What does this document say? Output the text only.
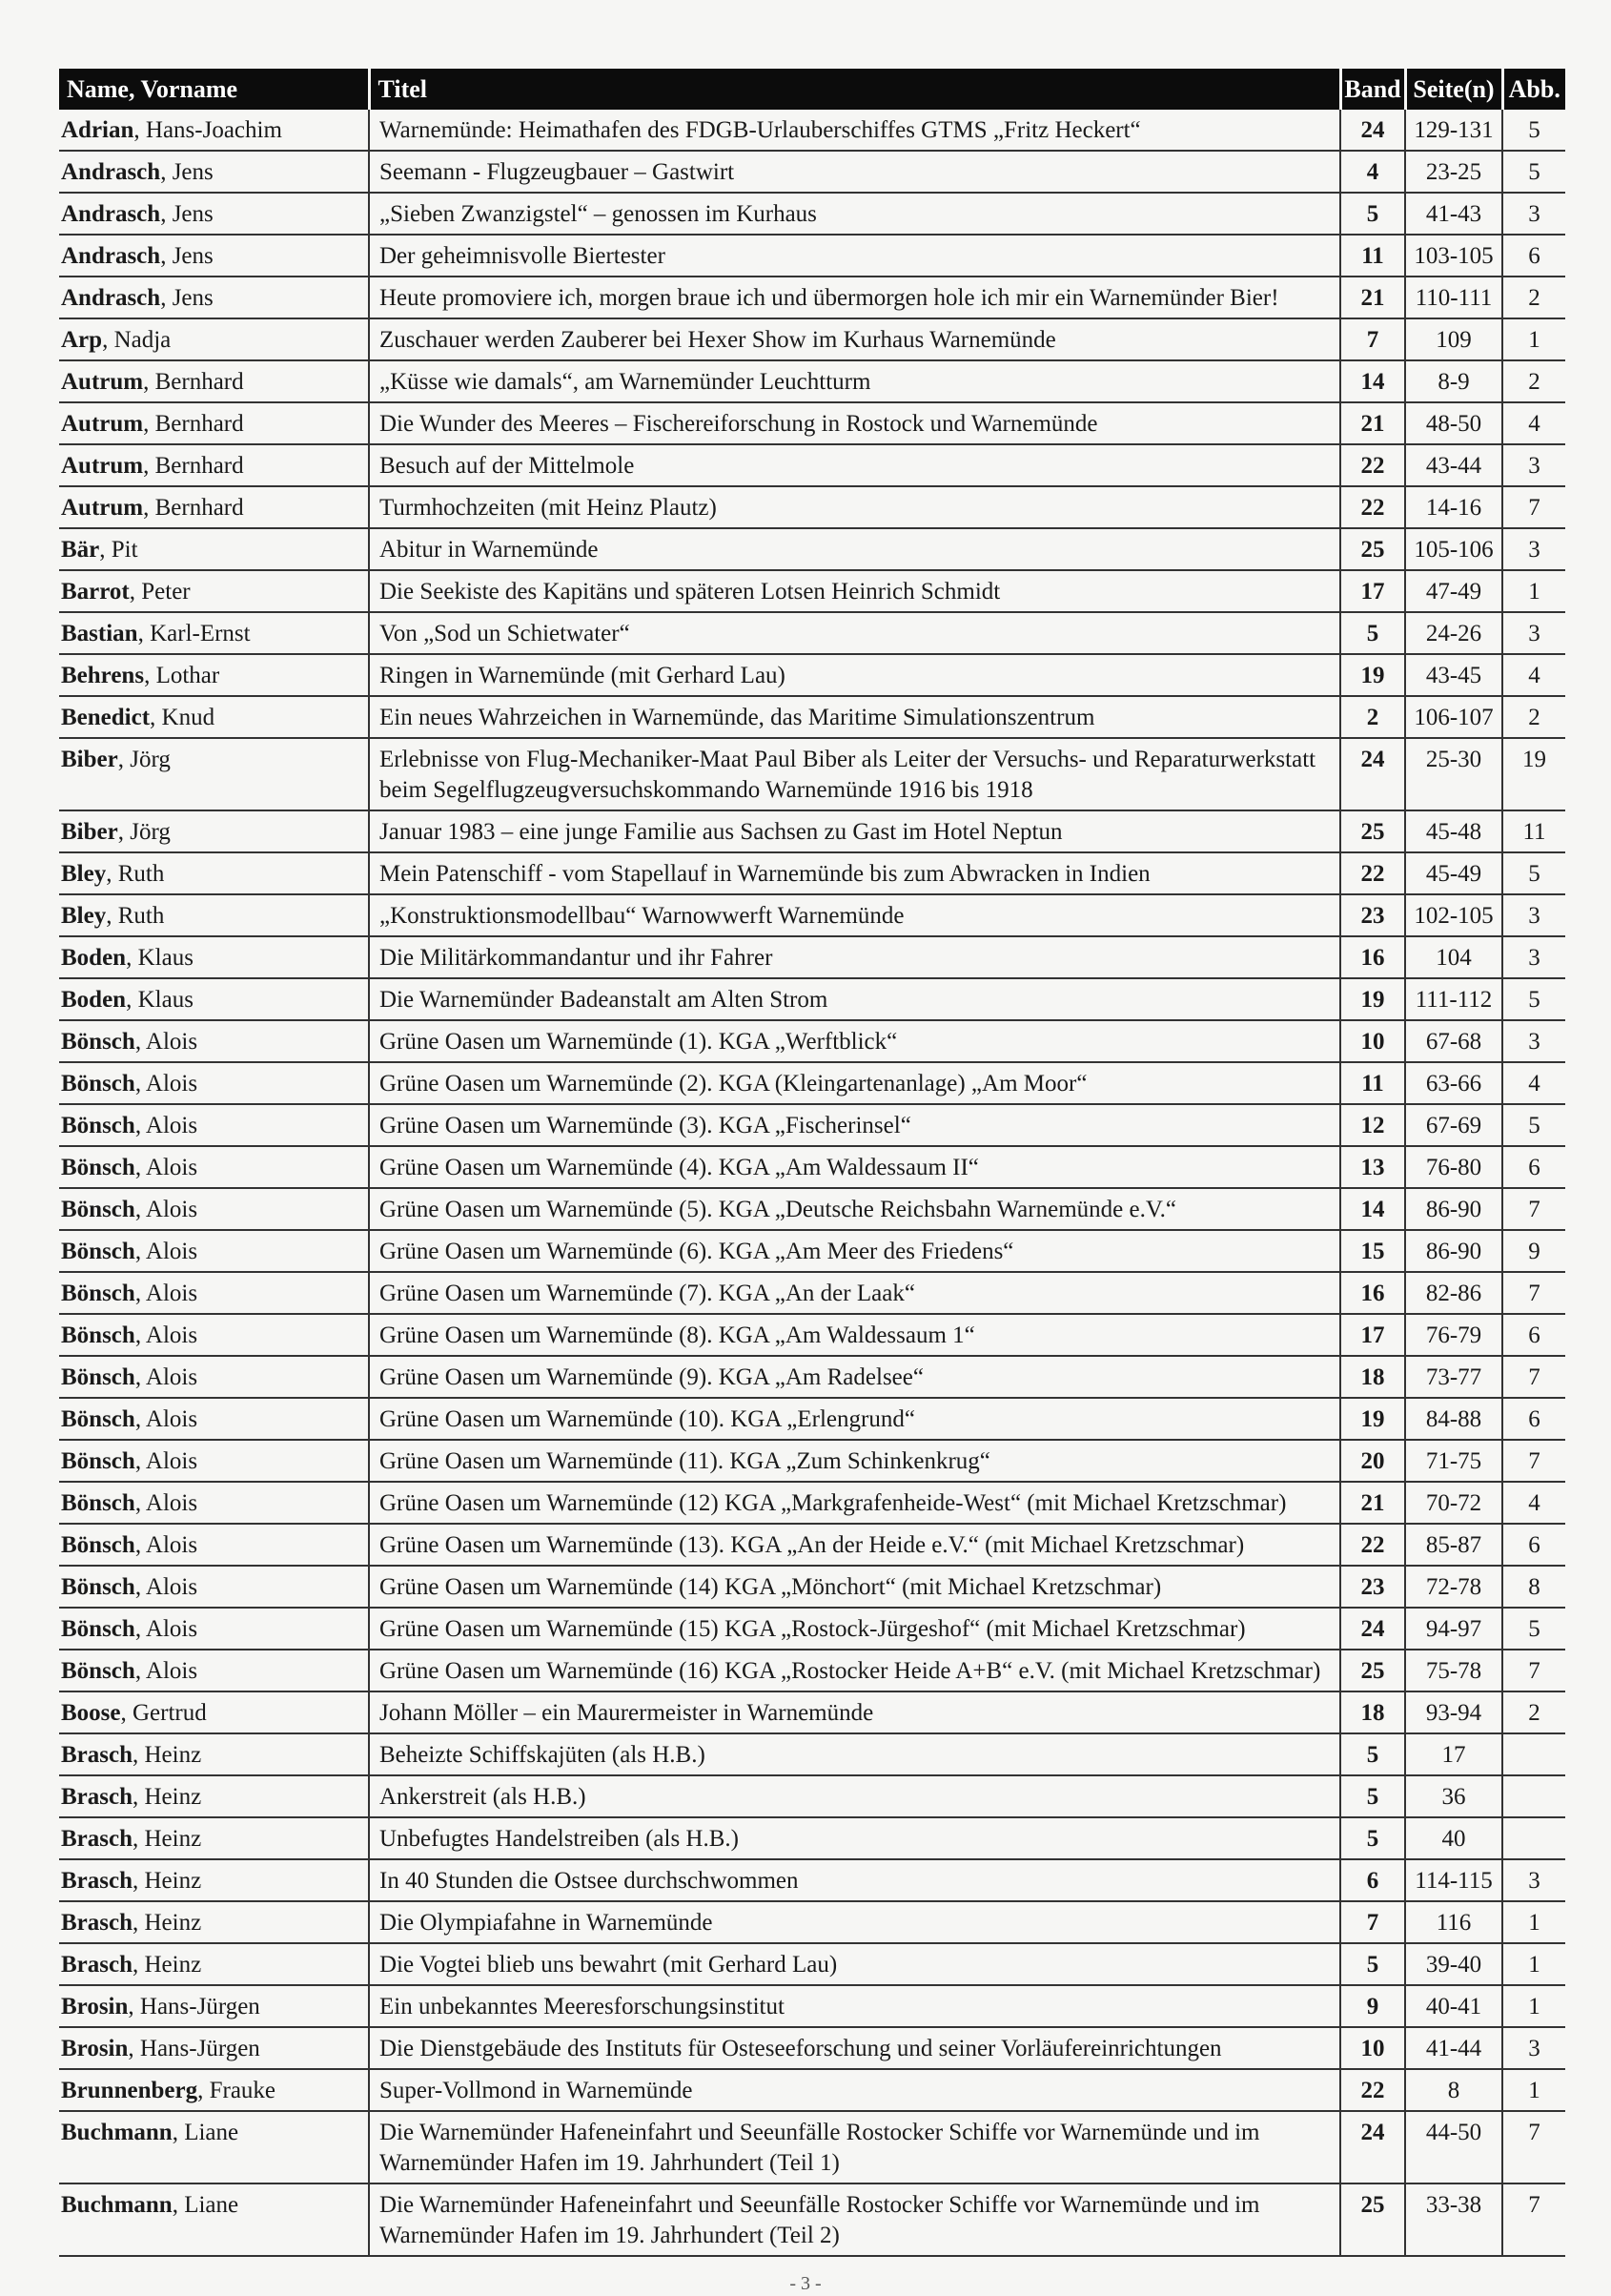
Name, Vorname	Titel	Band	Seite(n)	Abb.
Adrian, Hans-Joachim	Warnemünde: Heimathafen des FDGB-Urlauberschiffes GTMS „Fritz Heckert“	24	129-131	5
Andrasch, Jens	Seemann - Flugzeugbauer – Gastwirt	4	23-25	5
Andrasch, Jens	„Sieben Zwanzigstel“ – genossen im Kurhaus	5	41-43	3
Andrasch, Jens	Der geheimnisvolle Biertester	11	103-105	6
Andrasch, Jens	Heute promoviere ich, morgen braue ich und übermorgen hole ich mir ein Warnemünder Bier!	21	110-111	2
Arp, Nadja	Zuschauer werden Zauberer bei Hexer Show im Kurhaus Warnemünde	7	109	1
Autrum, Bernhard	„Küsse wie damals“, am Warnemünder Leuchtturm	14	8-9	2
Autrum, Bernhard	Die Wunder des Meeres – Fischereiforschung in Rostock und Warnemünde	21	48-50	4
Autrum, Bernhard	Besuch auf der Mittelmole	22	43-44	3
Autrum, Bernhard	Turmhochzeiten (mit Heinz Plautz)	22	14-16	7
Bär, Pit	Abitur in Warnemünde	25	105-106	3
Barrot, Peter	Die Seekiste des Kapitäns und späteren Lotsen Heinrich Schmidt	17	47-49	1
Bastian, Karl-Ernst	Von „Sod un Schietwater“	5	24-26	3
Behrens, Lothar	Ringen in Warnemünde (mit Gerhard Lau)	19	43-45	4
Benedict, Knud	Ein neues Wahrzeichen in Warnemünde, das Maritime Simulationszentrum	2	106-107	2
Biber, Jörg	Erlebnisse von Flug-Mechaniker-Maat Paul Biber als Leiter der Versuchs- und Reparaturwerkstatt beim Segelflugzeugversuchskommando Warnemünde 1916 bis 1918	24	25-30	19
Biber, Jörg	Januar 1983 – eine junge Familie aus Sachsen zu Gast im Hotel Neptun	25	45-48	11
Bley, Ruth	Mein Patenschiff - vom Stapellauf in Warnemünde bis zum Abwracken in Indien	22	45-49	5
Bley, Ruth	„Konstruktionsmodellbau“ Warnowwerft Warnemünde	23	102-105	3
Boden, Klaus	Die Militärkommandantur und ihr Fahrer	16	104	3
Boden, Klaus	Die Warnemünder Badeanstalt am Alten Strom	19	111-112	5
Bönsch, Alois	Grüne Oasen um Warnemünde (1). KGA „Werftblick“	10	67-68	3
Bönsch, Alois	Grüne Oasen um Warnemünde (2). KGA (Kleingartenanlage) „Am Moor“	11	63-66	4
Bönsch, Alois	Grüne Oasen um Warnemünde (3). KGA „Fischerinsel“	12	67-69	5
Bönsch, Alois	Grüne Oasen um Warnemünde (4). KGA „Am Waldessaum II“	13	76-80	6
Bönsch, Alois	Grüne Oasen um Warnemünde (5). KGA „Deutsche Reichsbahn Warnemünde e.V.“	14	86-90	7
Bönsch, Alois	Grüne Oasen um Warnemünde (6). KGA „Am Meer des Friedens“	15	86-90	9
Bönsch, Alois	Grüne Oasen um Warnemünde (7). KGA „An der Laak“	16	82-86	7
Bönsch, Alois	Grüne Oasen um Warnemünde (8). KGA „Am Waldessaum 1“	17	76-79	6
Bönsch, Alois	Grüne Oasen um Warnemünde (9). KGA „Am Radelsee“	18	73-77	7
Bönsch, Alois	Grüne Oasen um Warnemünde (10). KGA „Erlengrund“	19	84-88	6
Bönsch, Alois	Grüne Oasen um Warnemünde (11). KGA „Zum Schinkenkrug“	20	71-75	7
Bönsch, Alois	Grüne Oasen um Warnemünde (12) KGA „Markgrafenheide-West“ (mit Michael Kretzschmar)	21	70-72	4
Bönsch, Alois	Grüne Oasen um Warnemünde (13). KGA „An der Heide e.V.“ (mit Michael Kretzschmar)	22	85-87	6
Bönsch, Alois	Grüne Oasen um Warnemünde (14) KGA „Mönchort“ (mit Michael Kretzschmar)	23	72-78	8
Bönsch, Alois	Grüne Oasen um Warnemünde (15) KGA „Rostock-Jürgeshof“ (mit Michael Kretzschmar)	24	94-97	5
Bönsch, Alois	Grüne Oasen um Warnemünde (16) KGA „Rostocker Heide A+B“ e.V. (mit Michael Kretzschmar)	25	75-78	7
Boose, Gertrud	Johann Möller – ein Maurermeister in Warnemünde	18	93-94	2
Brasch, Heinz	Beheizte Schiffskajüten (als H.B.)	5	17	
Brasch, Heinz	Ankerstreit (als H.B.)	5	36	
Brasch, Heinz	Unbefugtes Handelstreiben (als H.B.)	5	40	
Brasch, Heinz	In 40 Stunden die Ostsee durchschwommen	6	114-115	3
Brasch, Heinz	Die Olympiafahne in Warnemünde	7	116	1
Brasch, Heinz	Die Vogtei blieb uns bewahrt (mit Gerhard Lau)	5	39-40	1
Brosin, Hans-Jürgen	Ein unbekanntes Meeresforschungsinstitut	9	40-41	1
Brosin, Hans-Jürgen	Die Dienstgebäude des Instituts für Osteseeforschung und seiner Vorläufereinrichtungen	10	41-44	3
Brunnenberg, Frauke	Super-Vollmond in Warnemünde	22	8	1
Buchmann, Liane	Die Warnemünder Hafeneinfahrt und Seeunfälle Rostocker Schiffe vor Warnemünde und im Warnemünder Hafen im 19. Jahrhundert (Teil 1)	24	44-50	7
Buchmann, Liane	Die Warnemünder Hafeneinfahrt und Seeunfälle Rostocker Schiffe vor Warnemünde und im Warnemünder Hafen im 19. Jahrhundert (Teil 2)	25	33-38	7
- 3 -
